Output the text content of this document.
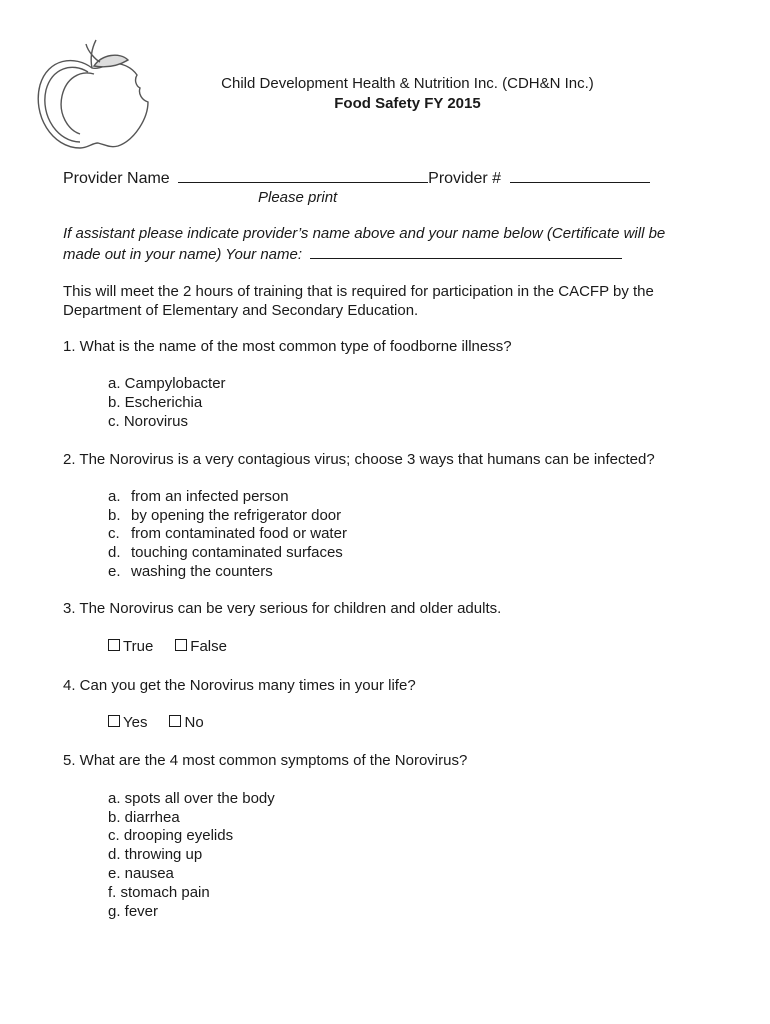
Child Development Health & Nutrition Inc. (CDH&N Inc.)
Food Safety FY 2015
Provider Name	Provider #
Please print
If assistant please indicate provider’s name above and your name below (Certificate will be made out in your name) Your name:
This will meet the 2 hours of training that is required for participation in the CACFP by the Department of Elementary and Secondary Education.
1. What is the name of the most common type of foodborne illness?
a. Campylobacter
b. Escherichia
c. Norovirus
2. The Norovirus is a very contagious virus; choose 3 ways that humans can be infected?
a. from an infected person
b. by opening the refrigerator door
c. from contaminated food or water
d. touching contaminated surfaces
e. washing the counters
3. The Norovirus can be very serious for children and older adults.
True False
4. Can you get the Norovirus many times in your life?
Yes No
5. What are the 4 most common symptoms of the Norovirus?
a. spots all over the body
b. diarrhea
c. drooping eyelids
d. throwing up
e. nausea
f. stomach pain
g. fever
